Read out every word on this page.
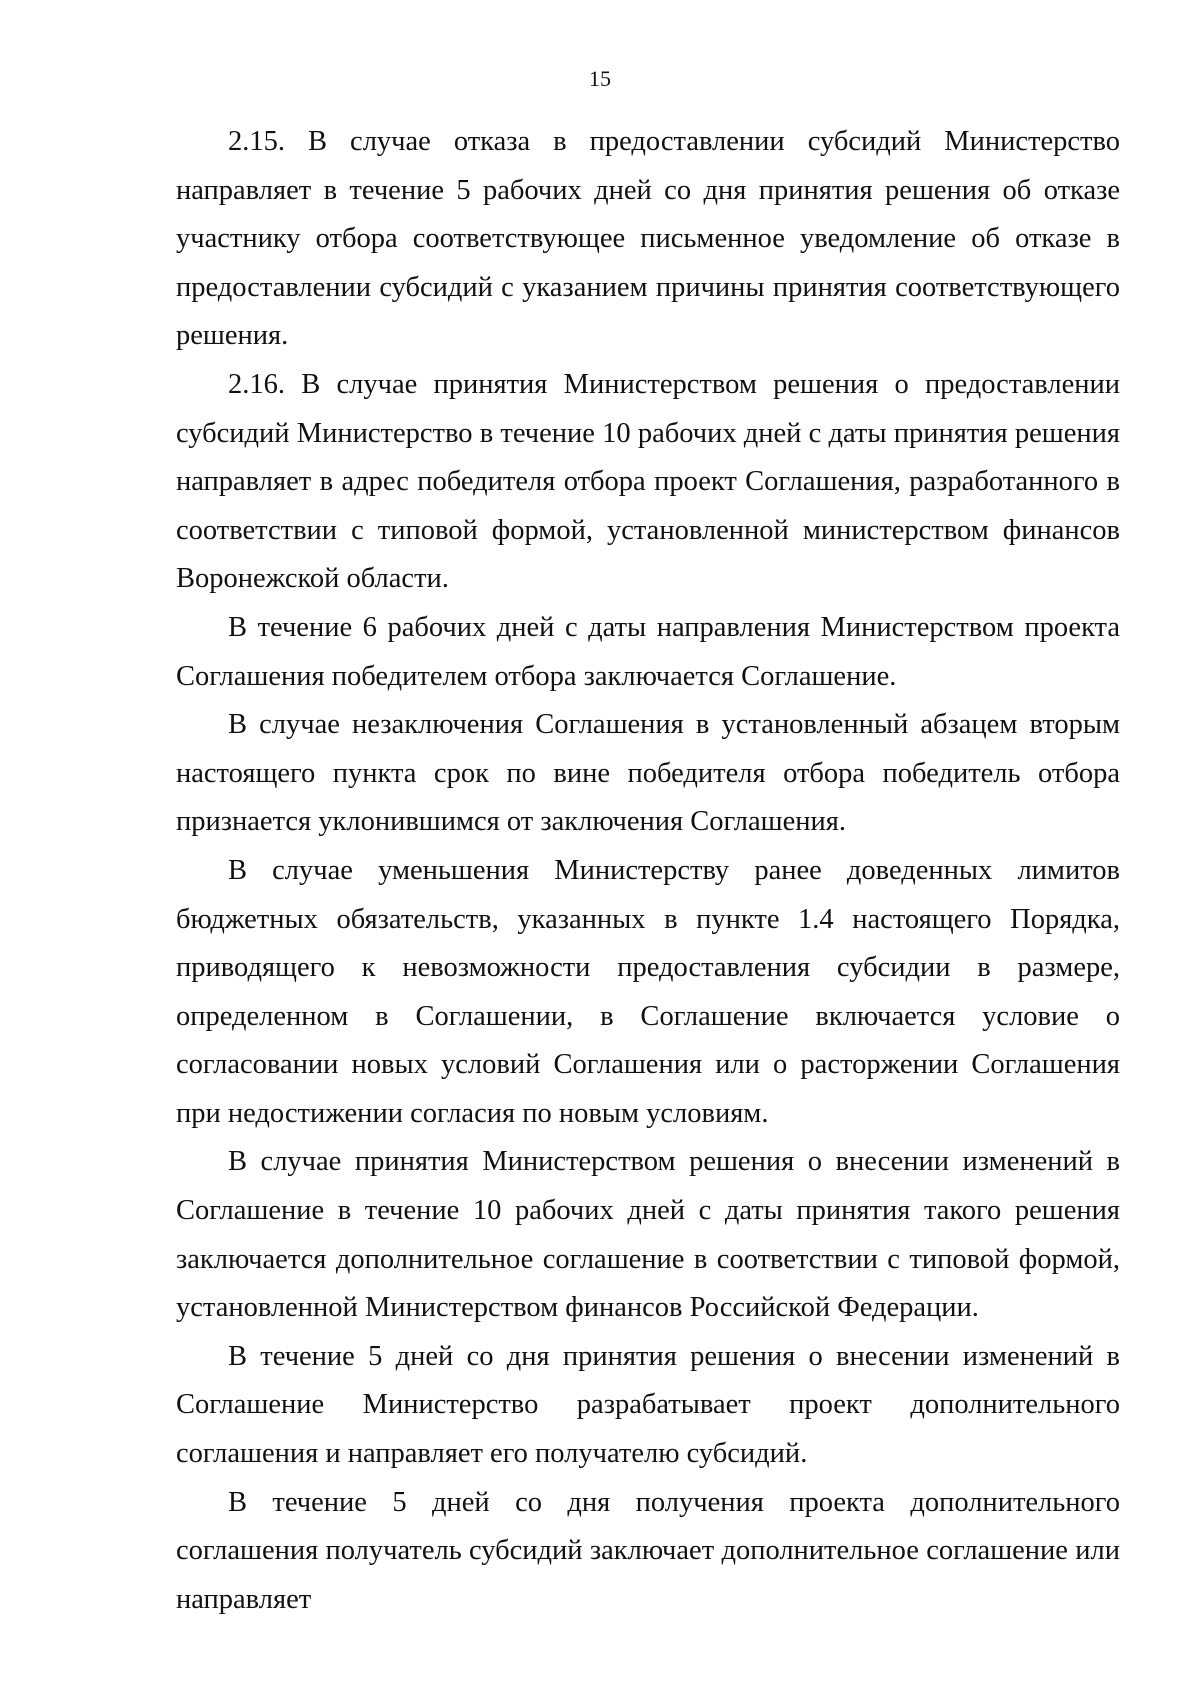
15

2.15. В случае отказа в предоставлении субсидий Министерство направляет в течение 5 рабочих дней со дня принятия решения об отказе участнику отбора соответствующее письменное уведомление об отказе в предоставлении субсидий с указанием причины принятия соответствующего решения.

2.16. В случае принятия Министерством решения о предоставлении субсидий Министерство в течение 10 рабочих дней с даты принятия решения направляет в адрес победителя отбора проект Соглашения, разработанного в соответствии с типовой формой, установленной министерством финансов Воронежской области.

В течение 6 рабочих дней с даты направления Министерством проекта Соглашения победителем отбора заключается Соглашение.

В случае незаключения Соглашения в установленный абзацем вторым настоящего пункта срок по вине победителя отбора победитель отбора признается уклонившимся от заключения Соглашения.

В случае уменьшения Министерству ранее доведенных лимитов бюджетных обязательств, указанных в пункте 1.4 настоящего Порядка, приводящего к невозможности предоставления субсидии в размере, определенном в Соглашении, в Соглашение включается условие о согласовании новых условий Соглашения или о расторжении Соглашения при недостижении согласия по новым условиям.

В случае принятия Министерством решения о внесении изменений в Соглашение в течение 10 рабочих дней с даты принятия такого решения заключается дополнительное соглашение в соответствии с типовой формой, установленной Министерством финансов Российской Федерации.

В течение 5 дней со дня принятия решения о внесении изменений в Соглашение Министерство разрабатывает проект дополнительного соглашения и направляет его получателю субсидий.

В течение 5 дней со дня получения проекта дополнительного соглашения получатель субсидий заключает дополнительное соглашение или направляет
